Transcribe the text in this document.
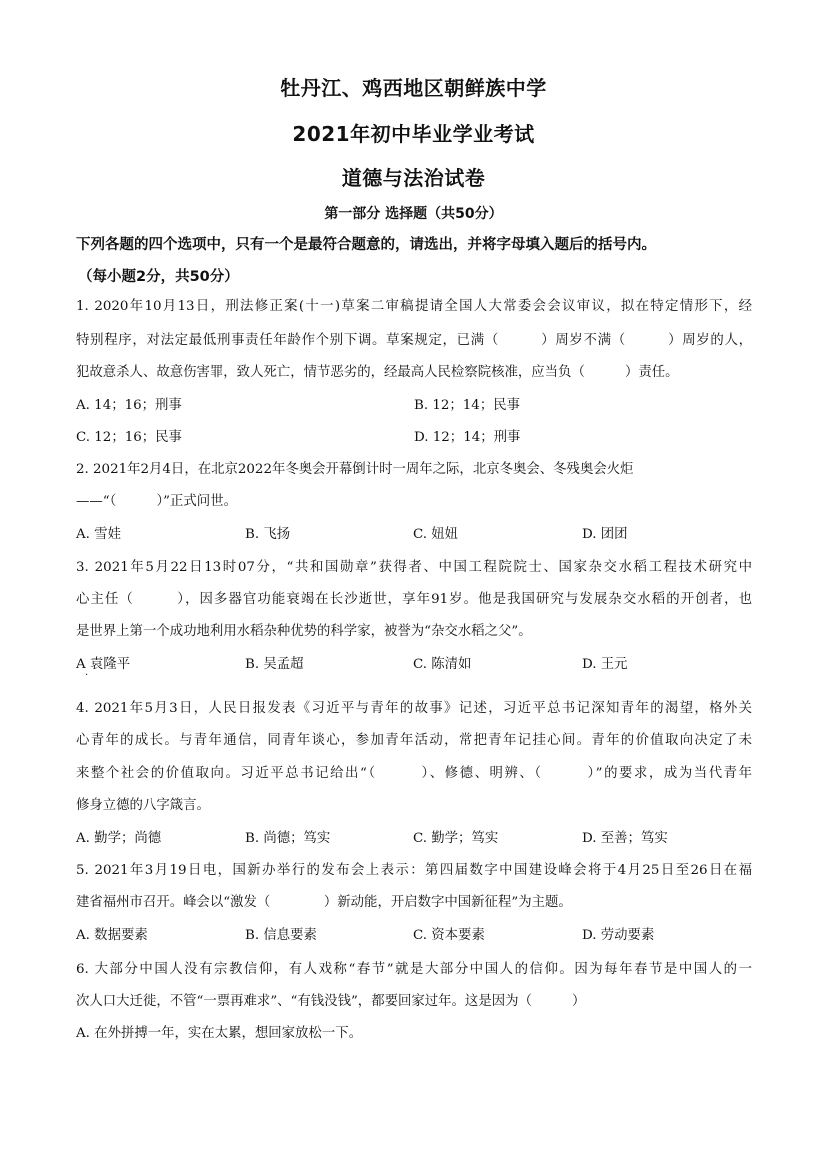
牡丹江、鸡西地区朝鲜族中学
2021年初中毕业学业考试
道德与法治试卷
第一部分 选择题（共50分）
下列各题的四个选项中，只有一个是最符合题意的，请选出，并将字母填入题后的括号内。
（每小题2分，共50分）
1. 2020年10月13日，刑法修正案(十一)草案二审稿提请全国人大常委会会议审议，拟在特定情形下，经
特别程序，对法定最低刑事责任年龄作个别下调。草案规定，已满（　　　）周岁不满（　　　）周岁的人，
犯故意杀人、故意伤害罪，致人死亡，情节恶劣的，经最高人民检察院核准，应当负（　　　）责任。
A. 14；16；刑事	B. 12；14；民事
C. 12；16；民事	D. 12；14；刑事
2. 2021年2月4日，在北京2022年冬奥会开幕倒计时一周年之际，北京冬奥会、冬残奥会火炬
——“（　　　）”正式问世。
A. 雪娃	B. 飞扬	C. 妞妞	D. 团团
3. 2021年5月22日13时07分，“共和国勋章”获得者、中国工程院院士、国家杂交水稻工程技术研究中
心主任（　　　），因多器官功能衰竭在长沙逝世，享年91岁。他是我国研究与发展杂交水稻的开创者，也
是世界上第一个成功地利用水稻杂种优势的科学家，被誉为“杂交水稻之父”。
A 袁隆平
·
B. 吴孟超	C. 陈清如	D. 王元
4. 2021年5月3日，人民日报发表《习近平与青年的故事》记述，习近平总书记深知青年的渴望，格外关
心青年的成长。与青年通信，同青年谈心，参加青年活动，常把青年记挂心间。青年的价值取向决定了未
来整个社会的价值取向。习近平总书记给出“（　　　）、修德、明辨、（　　　）”的要求，成为当代青年
修身立德的八字箴言。
A. 勤学；尚德	B. 尚德；笃实	C. 勤学；笃实	D. 至善；笃实
5. 2021年3月19日电，国新办举行的发布会上表示：第四届数字中国建设峰会将于4月25日至26日在福
建省福州市召开。峰会以“激发（　　　　）新动能，开启数字中国新征程”为主题。
A. 数据要素	B. 信息要素	C. 资本要素	D. 劳动要素
6. 大部分中国人没有宗教信仰，有人戏称“春节”就是大部分中国人的信仰。因为每年春节是中国人的一
次人口大迁徙，不管“一票再难求”、“有钱没钱”，都要回家过年。这是因为（　　　）
A. 在外拼搏一年，实在太累，想回家放松一下。
